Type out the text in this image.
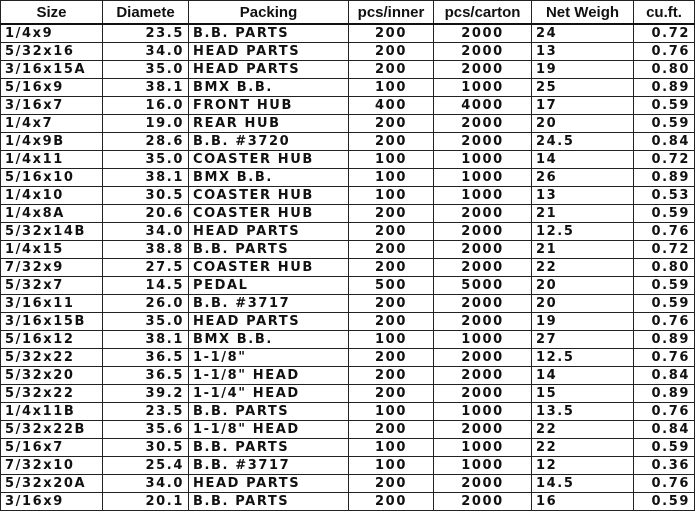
Size	Diamete	Packing	pcs/inner	pcs/carton	Net Weigh	cu.ft.
1/4x9	23.5	B.B. PARTS	200	2000	24	0.72
5/32x16	34.0	HEAD PARTS	200	2000	13	0.76
3/16x15A	35.0	HEAD PARTS	200	2000	19	0.80
5/16x9	38.1	BMX B.B.	100	1000	25	0.89
3/16x7	16.0	FRONT HUB	400	4000	17	0.59
1/4x7	19.0	REAR HUB	200	2000	20	0.59
1/4x9B	28.6	B.B. #3720	200	2000	24.5	0.84
1/4x11	35.0	COASTER HUB	100	1000	14	0.72
5/16x10	38.1	BMX B.B.	100	1000	26	0.89
1/4x10	30.5	COASTER HUB	100	1000	13	0.53
1/4x8A	20.6	COASTER HUB	200	2000	21	0.59
5/32x14B	34.0	HEAD PARTS	200	2000	12.5	0.76
1/4x15	38.8	B.B. PARTS	200	2000	21	0.72
7/32x9	27.5	COASTER HUB	200	2000	22	0.80
5/32x7	14.5	PEDAL	500	5000	20	0.59
3/16x11	26.0	B.B. #3717	200	2000	20	0.59
3/16x15B	35.0	HEAD PARTS	200	2000	19	0.76
5/16x12	38.1	BMX B.B.	100	1000	27	0.89
5/32x22	36.5	1-1/8"	200	2000	12.5	0.76
5/32x20	36.5	1-1/8" HEAD	200	2000	14	0.84
5/32x22	39.2	1-1/4" HEAD	200	2000	15	0.89
1/4x11B	23.5	B.B. PARTS	100	1000	13.5	0.76
5/32x22B	35.6	1-1/8" HEAD	200	2000	22	0.84
5/16x7	30.5	B.B. PARTS	100	1000	22	0.59
7/32x10	25.4	B.B. #3717	100	1000	12	0.36
5/32x20A	34.0	HEAD PARTS	200	2000	14.5	0.76
3/16x9	20.1	B.B. PARTS	200	2000	16	0.59
